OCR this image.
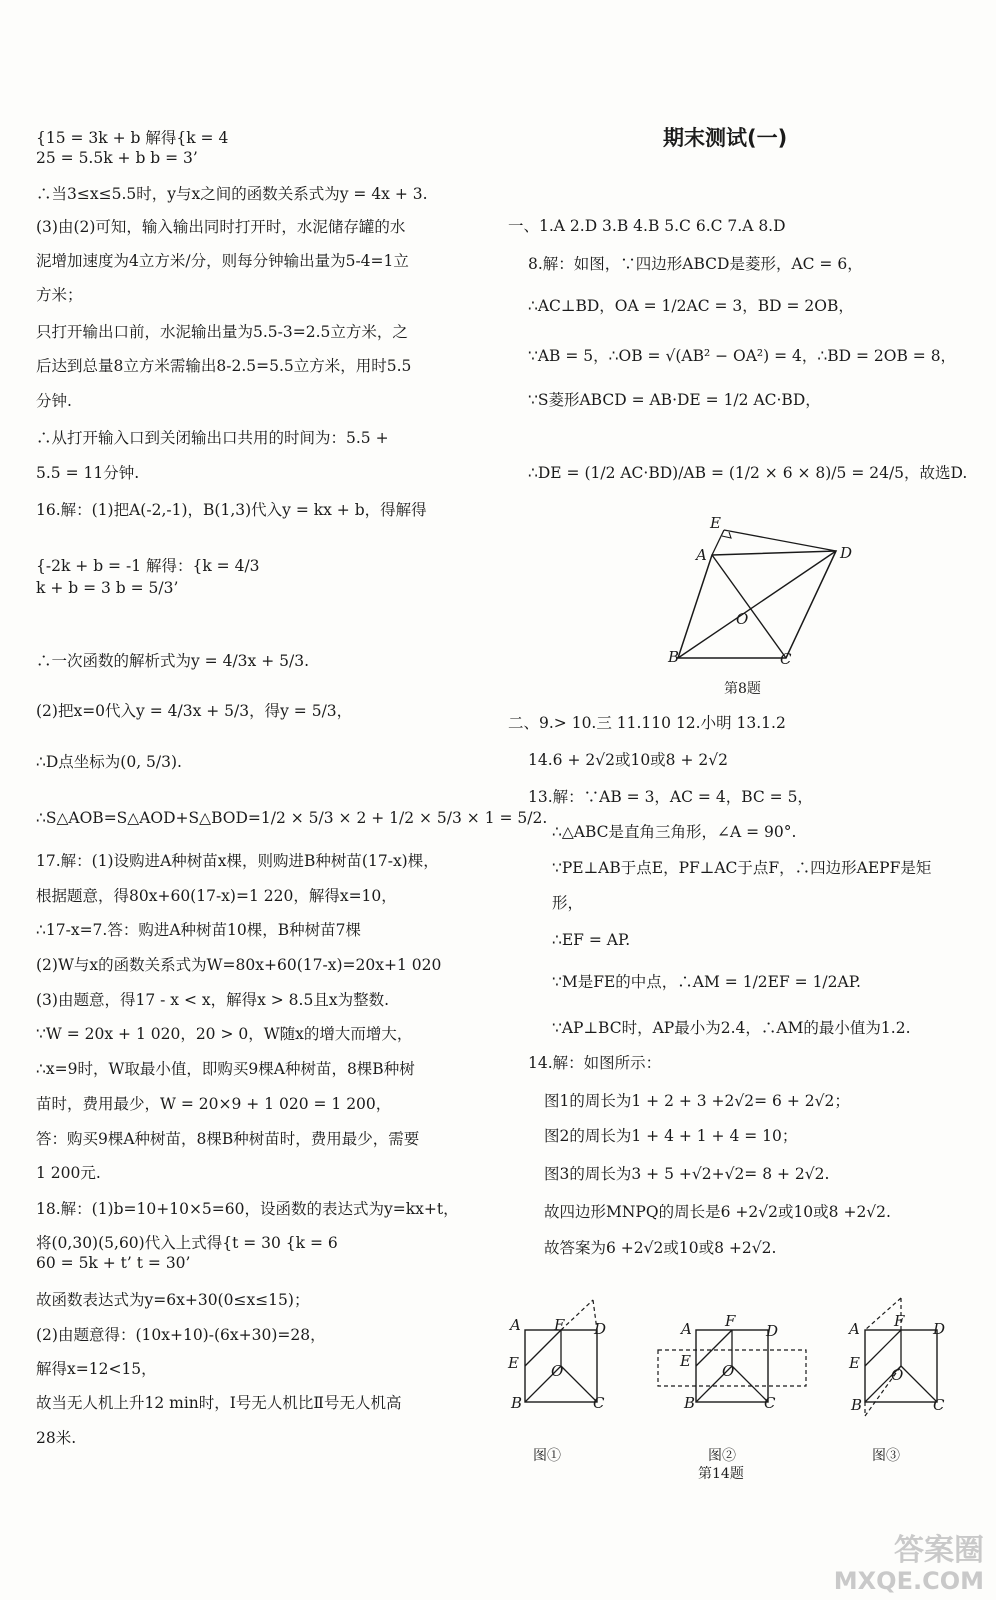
{15 = 3k + b 解得{k = 4
25 = 5.5k + b b = 3’
∴当3≤x≤5.5时，y与x之间的函数关系式为y = 4x + 3.
(3)由(2)可知，输入输出同时打开时，水泥储存罐的水
泥增加速度为4立方米/分，则每分钟输出量为5-4=1立
方米；
只打开输出口前，水泥输出量为5.5-3=2.5立方米，之
后达到总量8立方米需输出8-2.5=5.5立方米，用时5.5
分钟.
∴从打开输入口到关闭输出口共用的时间为：5.5 +
5.5 = 11分钟.
16.解：(1)把A(-2,-1)，B(1,3)代入y = kx + b，得解得
{-2k + b = -1 解得：{k = 4/3
k + b = 3 b = 5/3’
∴一次函数的解析式为y = 4/3x + 5/3.
(2)把x=0代入y = 4/3x + 5/3，得y = 5/3，
∴D点坐标为(0, 5/3).
∴S△AOB=S△AOD+S△BOD=1/2 × 5/3 × 2 + 1/2 × 5/3 × 1 = 5/2.
17.解：(1)设购进A种树苗x棵，则购进B种树苗(17-x)棵，
根据题意，得80x+60(17-x)=1 220，解得x=10，
∴17-x=7.答：购进A种树苗10棵，B种树苗7棵
(2)W与x的函数关系式为W=80x+60(17-x)=20x+1 020
(3)由题意，得17 - x < x，解得x > 8.5且x为整数.
∵W = 20x + 1 020，20 > 0，W随x的增大而增大，
∴x=9时，W取最小值，即购买9棵A种树苗，8棵B种树
苗时，费用最少，W = 20×9 + 1 020 = 1 200，
答：购买9棵A种树苗，8棵B种树苗时，费用最少，需要
1 200元.
18.解：(1)b=10+10×5=60，设函数的表达式为y=kx+t，
将(0,30)(5,60)代入上式得{t = 30 {k = 6
60 = 5k + t’ t = 30’
故函数表达式为y=6x+30(0≤x≤15)；
(2)由题意得：(10x+10)-(6x+30)=28，
解得x=12<15，
故当无人机上升12 min时，Ⅰ号无人机比Ⅱ号无人机高
28米.
期末测试(一)
一、1.A 2.D 3.B 4.B 5.C 6.C 7.A 8.D
8.解：如图，∵四边形ABCD是菱形，AC = 6，
∴AC⊥BD，OA = 1/2AC = 3，BD = 2OB，
∵AB = 5，∴OB = √(AB² − OA²) = 4，∴BD = 2OB = 8，
∵S菱形ABCD = AB·DE = 1/2 AC·BD，
∴DE = (1/2 AC·BD)/AB = (1/2 × 6 × 8)/5 = 24/5，故选D.
二、9.> 10.三 11.110 12.小明 13.1.2
14.6 + 2√2或10或8 + 2√2
13.解：∵AB = 3，AC = 4，BC = 5，
∴△ABC是直角三角形，∠A = 90°.
∵PE⊥AB于点E，PF⊥AC于点F，∴四边形AEPF是矩
形，
∴EF = AP.
∵M是FE的中点，∴AM = 1/2EF = 1/2AP.
∵AP⊥BC时，AP最小为2.4，∴AM的最小值为1.2.
14.解：如图所示：
图1的周长为1 + 2 + 3 +2√2= 6 + 2√2；
图2的周长为1 + 4 + 1 + 4 = 10；
图3的周长为3 + 5 +√2+√2= 8 + 2√2.
故四边形MNPQ的周长是6 +2√2或10或8 +2√2.
故答案为6 +2√2或10或8 +2√2.
E
A	D
O
B	C
第8题
A F D
E O
B	C
图①
A F
D
E
O
B	C
图②
第14题
A F D
E
O
B	C
图③
答案圈
MXQE.COM
